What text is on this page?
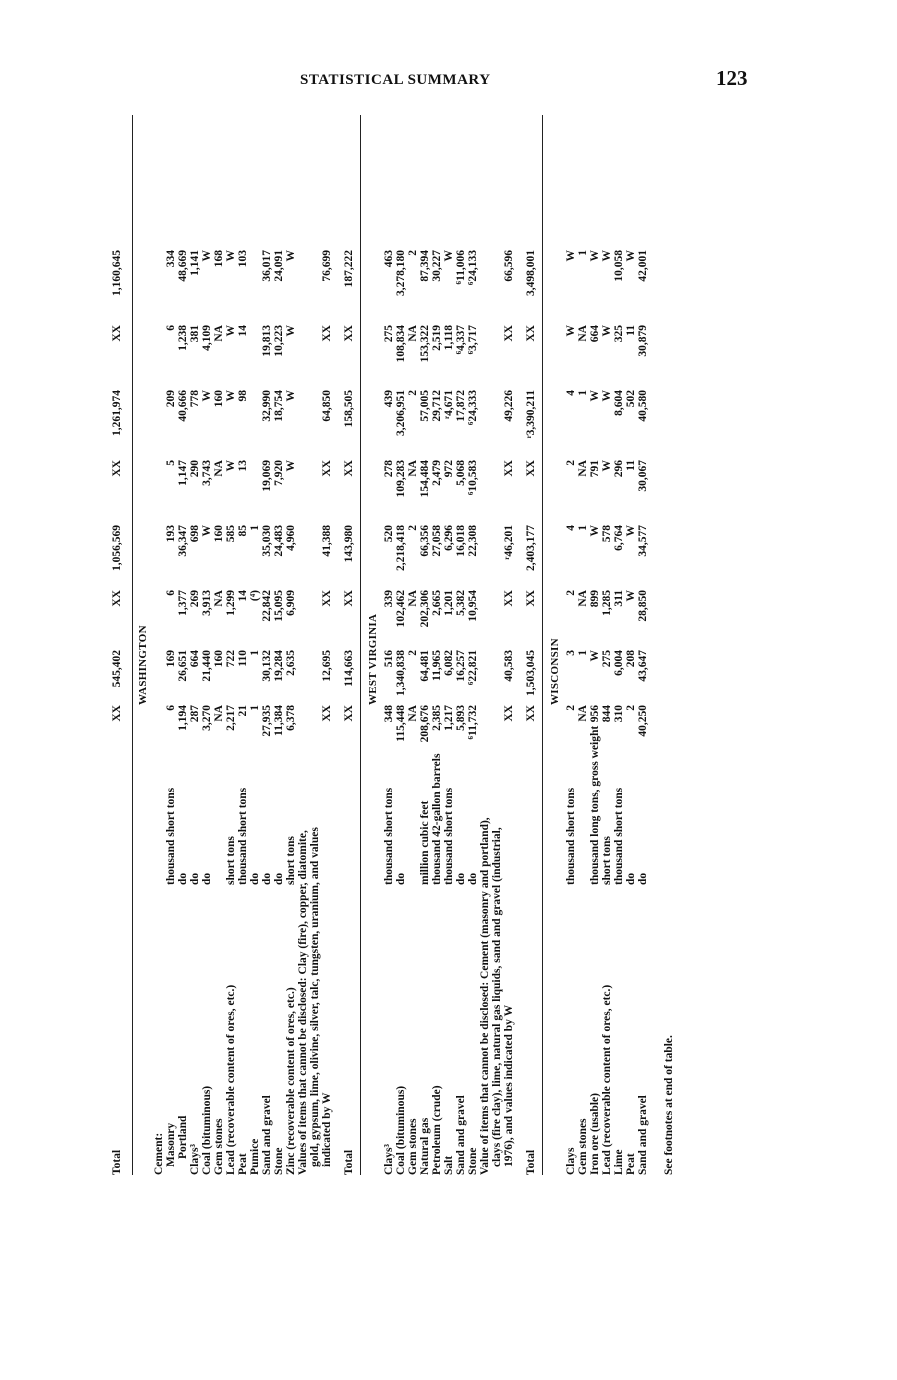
STATISTICAL SUMMARY	123
Total
XX
545,402
XX
1,056,569
XX
1,261,974
XX
1,160,645
WASHINGTON
Cement: Masonry
thousand short tons
6
169
6
193
5
209
6
334
Portland
do
1,194
26,651
1,377
36,347
1,147
40,666
1,238
48,669
Clays³
do
287
664
269
698
290
778
381
1,141
Coal (bituminous)
do
3,270
21,440
3,913
W
3,743
W
4,109
W
Gem stones
NA
160
NA
160
NA
160
NA
168
Lead (recoverable content of ores, etc.)
short tons
2,217
722
1,299
585
W
W
W
W
Peat
thousand short tons
21
110
14
85
13
98
14
103
Pumice
do
1
1
(⁴)
1
Sand and gravel
do
27,935
30,132
22,842
35,030
19,069
32,990
19,813
36,017
Stone
do
11,384
19,284
15,095
24,483
7,920
18,754
10,223
24,091
Zinc (recoverable content of ores, etc.)
short tons
6,378
2,635
6,909
4,960
W
W
W
W
Values of items that cannot be disclosed: Clay (fire), copper, diatomite, gold, gypsum, lime, olivine, silver, talc, tungsten, uranium, and values indicated by W
XX
12,695
XX
41,388
XX
64,850
XX
76,699
Total
XX
114,663
XX
143,980
XX
158,505
XX
187,222
WEST VIRGINIA
Clays³
thousand short tons
348
516
339
520
278
439
275
463
Coal (bituminous)
do
115,448
1,340,838
102,462
2,218,418
109,283
3,206,951
108,834
3,278,180
Gem stones
NA
2
NA
2
NA
2
NA
2
Natural gas
million cubic feet
208,676
64,481
202,306
66,356
154,484
57,005
153,322
87,394
Petroleum (crude)
thousand 42-gallon barrels
2,385
11,965
2,665
27,058
2,479
29,712
2,519
30,227
Salt
thousand short tons
1,217
6,082
1,201
6,296
972
ʳ4,671
1,118
W
Sand and gravel
do
5,893
16,257
5,382
16,018
5,068
17,872
⁶4,337
⁶11,006
Stone
do
⁶11,732
⁶22,821
10,954
22,308
⁶10,583
⁶24,333
⁶3,717
⁶24,133
Value of items that cannot be disclosed: Cement (masonry and portland), clays (fire clay), lime, natural gas liquids, sand and gravel (industrial, 1976), and values indicated by W
XX
40,583
XX
ʳ46,201
XX
49,226
XX
66,596
Total
XX
1,503,045
XX
2,403,177
XX
ʳ3,390,211
XX
3,498,001
WISCONSIN
Clays
thousand short tons
2
3
2
4
2
4
W
W
Gem stones
NA
1
NA
1
NA
1
NA
1
Iron ore (usable)
thousand long tons, gross weight
956
W
899
W
791
W
664
W
Lead (recoverable content of ores, etc.)
short tons
844
275
1,285
578
W
W
W
W
Lime
thousand short tons
310
6,004
311
6,764
296
8,604
325
10,058
Peat
do
2
208
W
W
11
502
11
W
Sand and gravel
do
40,250
43,647
28,850
34,577
30,067
40,580
30,879
42,001
See footnotes at end of table.
